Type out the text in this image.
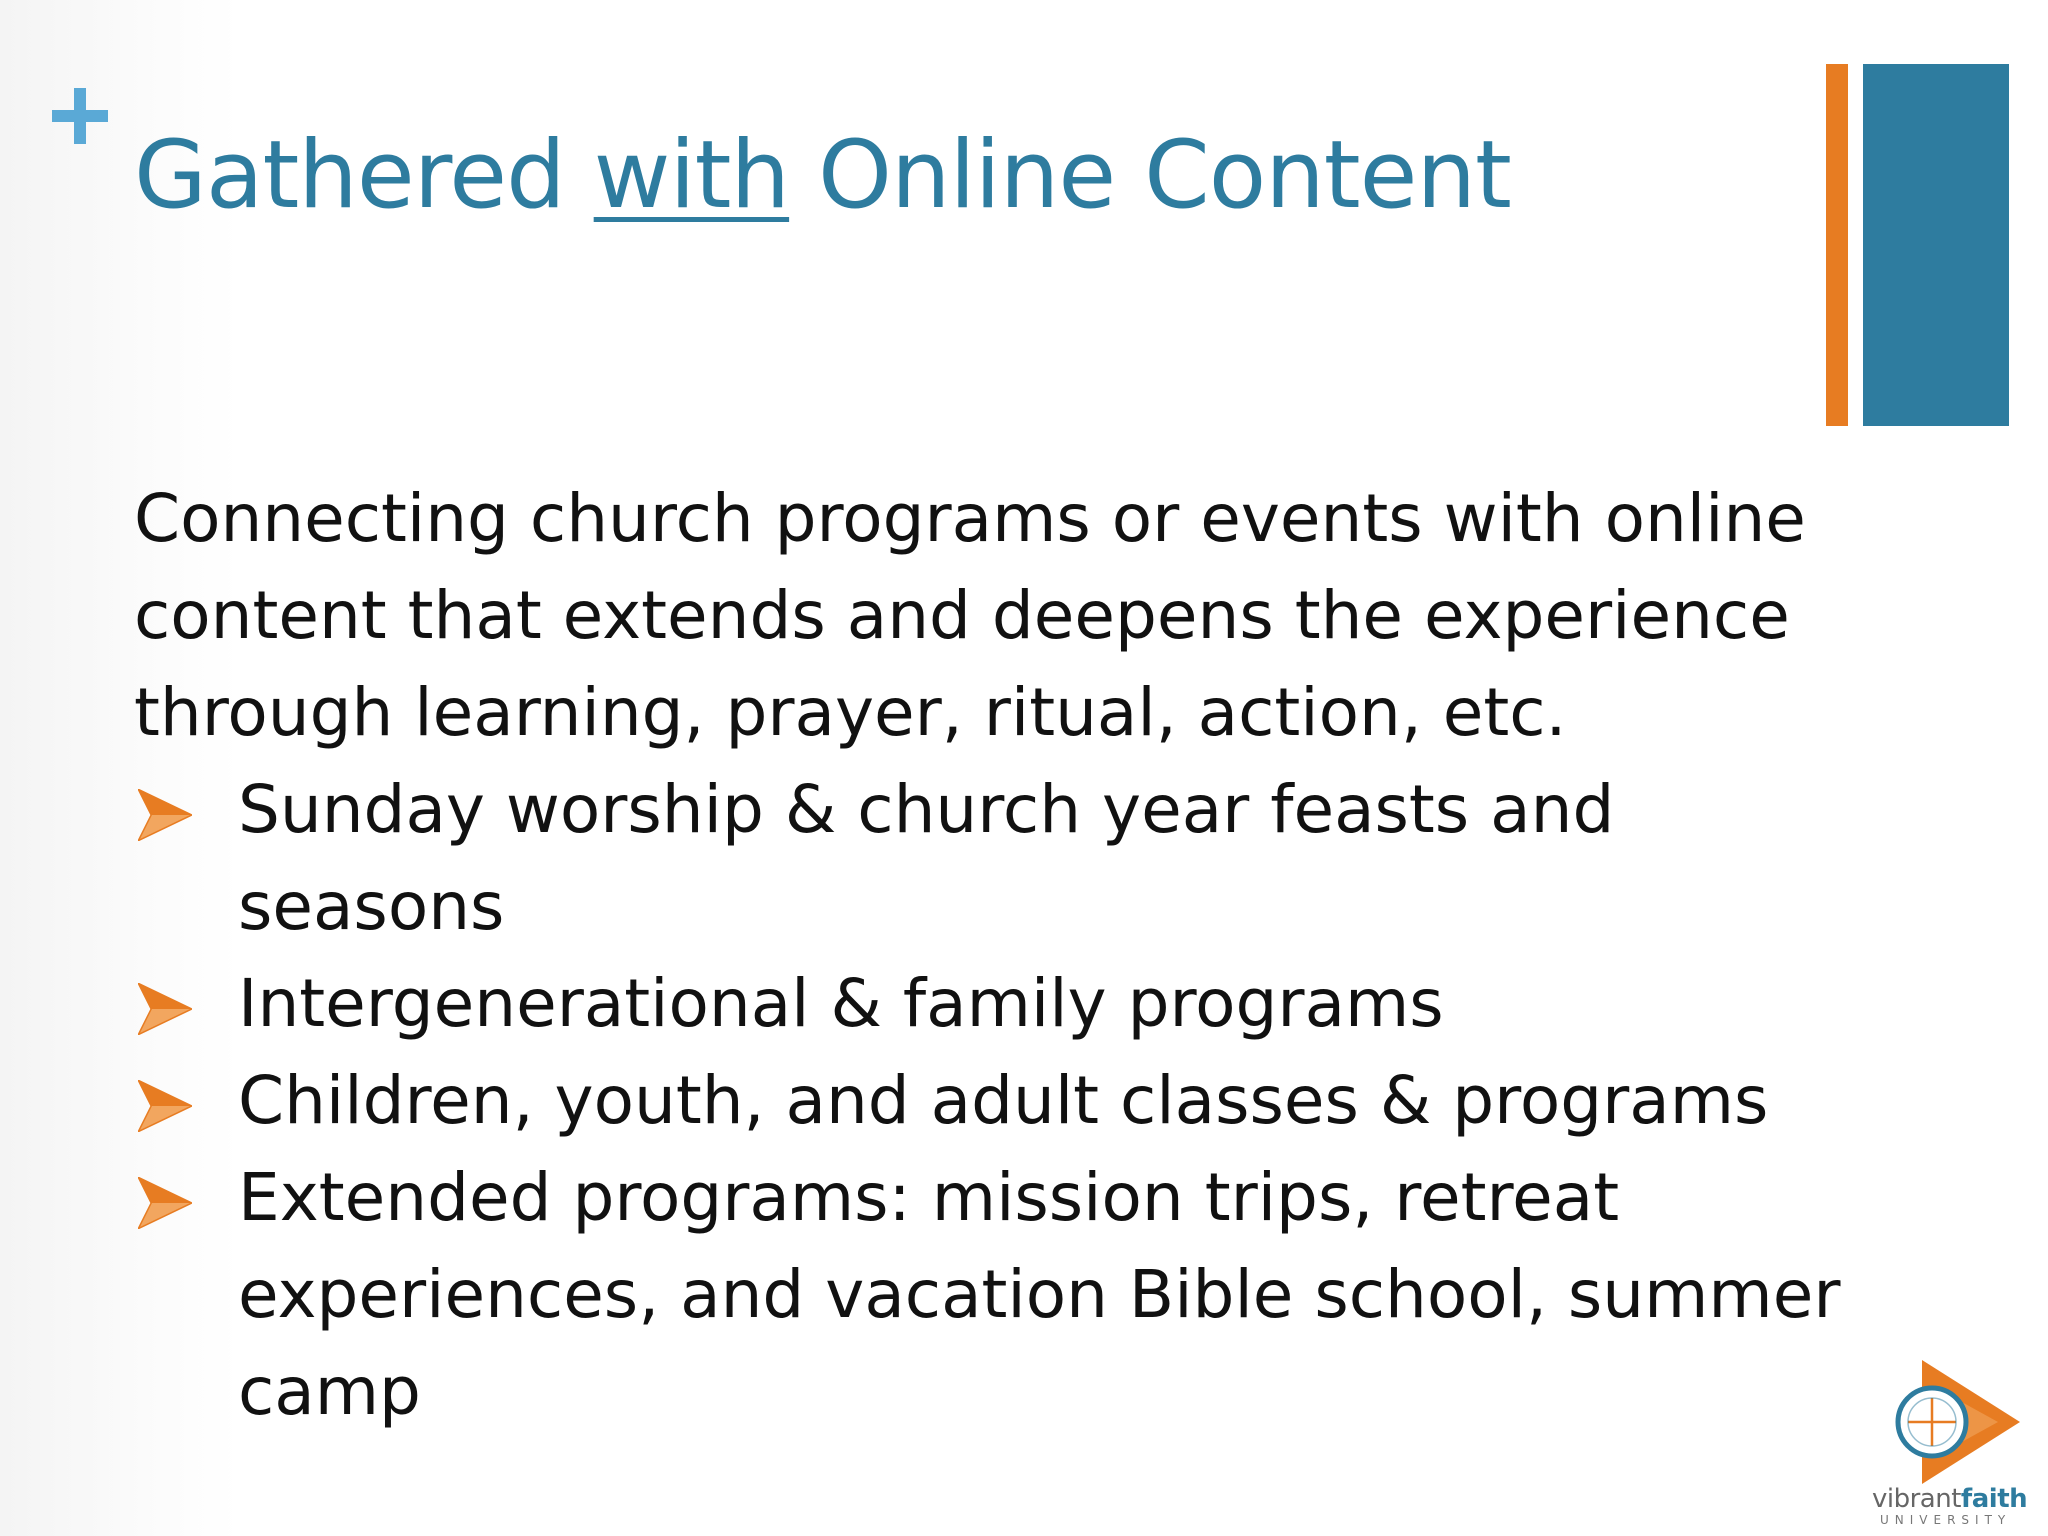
Gathered with Online Content

Connecting church programs or events with online
content that extends and deepens the experience
through learning, prayer, ritual, action, etc.

Sunday worship & church year feasts and
seasons
Intergenerational & family programs
Children, youth, and adult classes & programs
Extended programs: mission trips, retreat
experiences, and vacation Bible school, summer
camp
vibrantfaith
UNIVERSITY
